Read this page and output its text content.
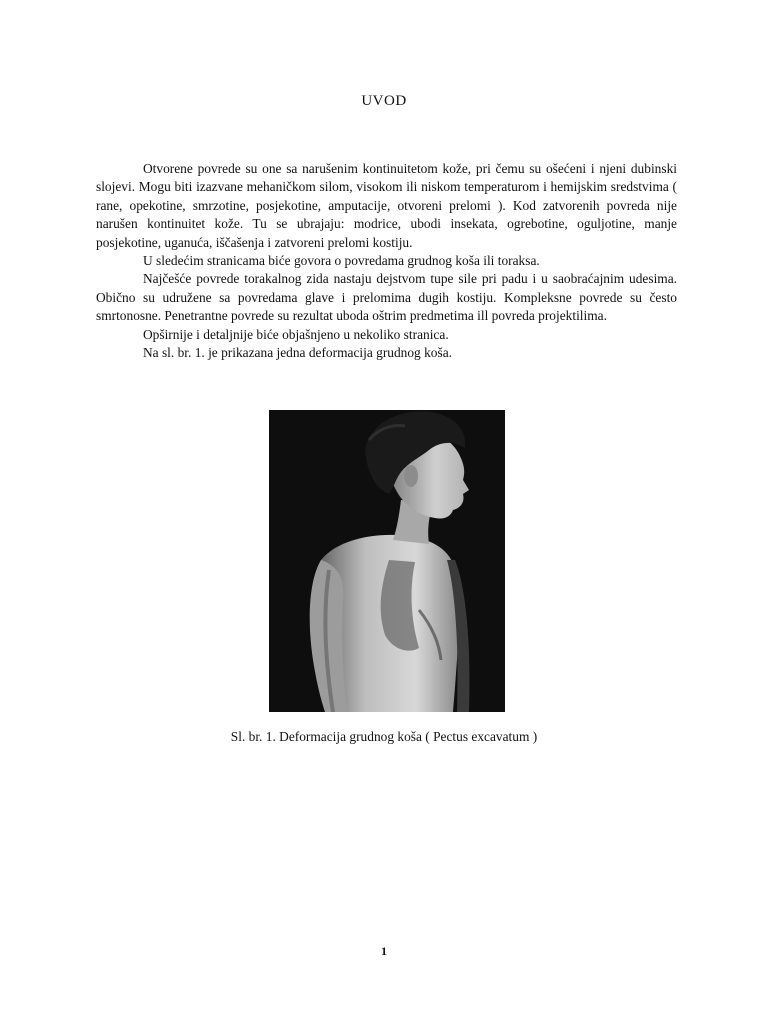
UVOD

Otvorene povrede su one sa narušenim kontinuitetom kože, pri čemu su ošećeni i njeni dubinski slojevi. Mogu biti izazvane mehaničkom silom, visokom ili niskom temperaturom i hemijskim sredstvima ( rane, opekotine, smrzotine, posjekotine, amputacije, otvoreni prelomi ). Kod zatvorenih povreda nije narušen kontinuitet kože. Tu se ubrajaju: modrice, ubodi insekata, ogrebotine, oguljotine, manje posjekotine, uganuća, iščašenja i zatvoreni prelomi kostiju.

U sledećim stranicama biće govora o povredama grudnog koša ili toraksa.

Najčešće povrede torakalnog zida nastaju dejstvom tupe sile pri padu i u saobraćajnim udesima. Obično su udružene sa povredama glave i prelomima dugih kostiju. Kompleksne povrede su često smrtonosne. Penetrantne povrede su rezultat uboda oštrim predmetima ill povreda projektilima.

Opširnije i detaljnije biće objašnjeno u nekoliko stranica.

Na sl. br. 1. je prikazana jedna deformacija grudnog koša.

Sl. br. 1. Deformacija grudnog koša ( Pectus excavatum )
1
